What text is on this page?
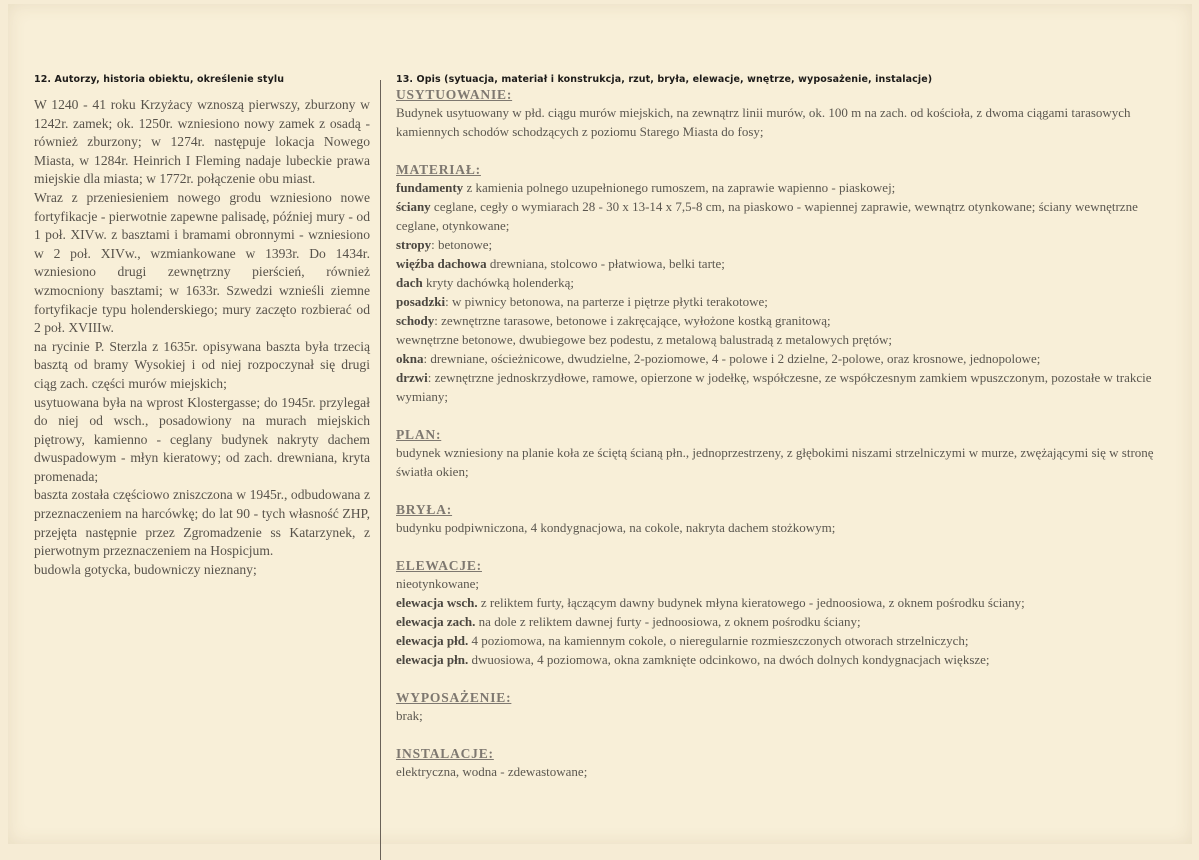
12. Autorzy, historia obiektu, określenie stylu

W 1240 - 41 roku Krzyżacy wznoszą pierwszy, zburzony w 1242r. zamek; ok. 1250r. wzniesiono nowy zamek z osadą - również zburzony; w 1274r. następuje lokacja Nowego Miasta, w 1284r. Heinrich I Fleming nadaje lubeckie prawa miejskie dla miasta; w 1772r. połączenie obu miast.

Wraz z przeniesieniem nowego grodu wzniesiono nowe fortyfikacje - pierwotnie zapewne palisadę, później mury - od 1 poł. XIVw. z basztami i bramami obronnymi - wzniesiono w 2 poł. XIVw., wzmiankowane w 1393r. Do 1434r. wzniesiono drugi zewnętrzny pierścień, również wzmocniony basztami; w 1633r. Szwedzi wznieśli ziemne fortyfikacje typu holenderskiego; mury zaczęto rozbierać od 2 poł. XVIIIw.

na rycinie P. Sterzla z 1635r. opisywana baszta była trzecią basztą od bramy Wysokiej i od niej rozpoczynał się drugi ciąg zach. części murów miejskich;

usytuowana była na wprost Klostergasse; do 1945r. przylegał do niej od wsch., posadowiony na murach miejskich piętrowy, kamienno - ceglany budynek nakryty dachem dwuspadowym - młyn kieratowy; od zach. drewniana, kryta promenada;

baszta została częściowo zniszczona w 1945r., odbudowana z przeznaczeniem na harcówkę; do lat 90 - tych własność ZHP, przejęta następnie przez Zgromadzenie ss Katarzynek, z pierwotnym przeznaczeniem na Hospicjum.

budowla gotycka, budowniczy nieznany;

13. Opis (sytuacja, materiał i konstrukcja, rzut, bryła, elewacje, wnętrze, wyposażenie, instalacje)
USYTUOWANIE:

Budynek usytuowany w płd. ciągu murów miejskich, na zewnątrz linii murów, ok. 100 m na zach. od kościoła, z dwoma ciągami tarasowych kamiennych schodów schodzących z poziomu Starego Miasta do fosy;

MATERIAŁ:

fundamenty z kamienia polnego uzupełnionego rumoszem, na zaprawie wapienno - piaskowej;

ściany ceglane, cegły o wymiarach 28 - 30 x 13-14 x 7,5-8 cm, na piaskowo - wapiennej zaprawie, wewnątrz otynkowane; ściany wewnętrzne ceglane, otynkowane;

stropy: betonowe;

więźba dachowa drewniana, stolcowo - płatwiowa, belki tarte;

dach kryty dachówką holenderką;

posadzki: w piwnicy betonowa, na parterze i piętrze płytki terakotowe;

schody: zewnętrzne tarasowe, betonowe i zakręcające, wyłożone kostką granitową;

wewnętrzne betonowe, dwubiegowe bez podestu, z metalową balustradą z metalowych prętów;

okna: drewniane, ościeżnicowe, dwudzielne, 2-poziomowe, 4 - polowe i 2 dzielne, 2-polowe, oraz krosnowe, jednopolowe;

drzwi: zewnętrzne jednoskrzydłowe, ramowe, opierzone w jodełkę, współczesne, ze współczesnym zamkiem wpuszczonym, pozostałe w trakcie wymiany;

PLAN:

budynek wzniesiony na planie koła ze ściętą ścianą płn., jednoprzestrzeny, z głębokimi niszami strzelniczymi w murze, zwężającymi się w stronę światła okien;

BRYŁA:

budynku podpiwniczona, 4 kondygnacjowa, na cokole, nakryta dachem stożkowym;

ELEWACJE:

nieotynkowane;

elewacja wsch. z reliktem furty, łączącym dawny budynek młyna kieratowego - jednoosiowa, z oknem pośrodku ściany;

elewacja zach. na dole z reliktem dawnej furty - jednoosiowa, z oknem pośrodku ściany;

elewacja płd. 4 poziomowa, na kamiennym cokole, o nieregularnie rozmieszczonych otworach strzelniczych;

elewacja płn. dwuosiowa, 4 poziomowa, okna zamknięte odcinkowo, na dwóch dolnych kondygnacjach większe;

WYPOSAŻENIE:

brak;

INSTALACJE:

elektryczna, wodna - zdewastowane;
